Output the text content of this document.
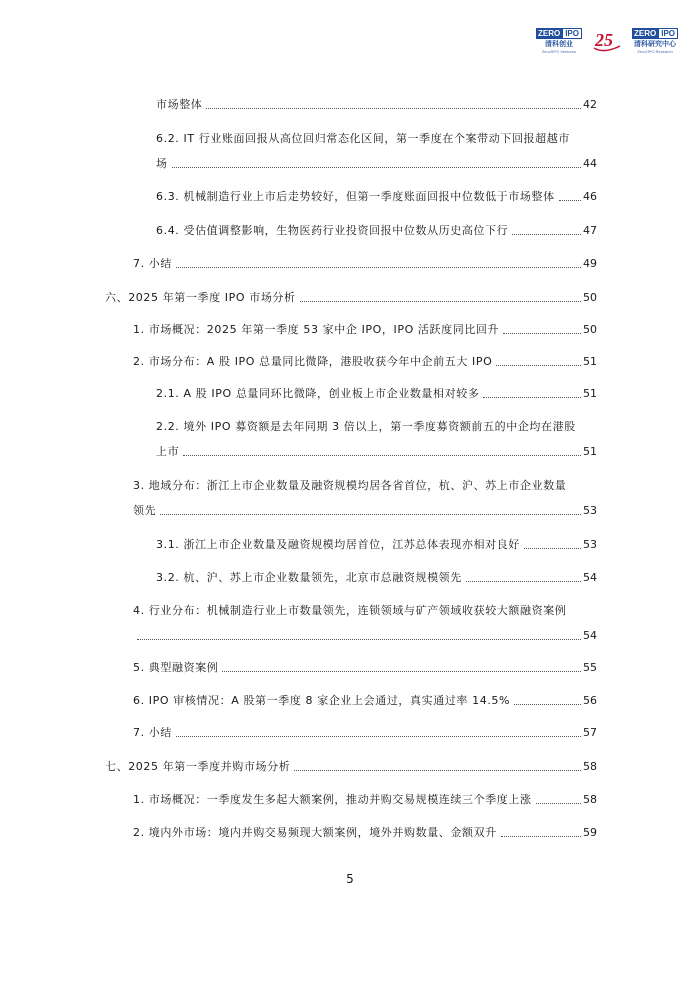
ZERO IPO
清科创业
Zero2IPO Ventures
25	ZERO IPO
清科研究中心
Zero2IPO Research
市场整体	42
6.2. IT 行业账面回报从高位回归常态化区间，第一季度在个案带动下回报超越市
场	44
6.3. 机械制造行业上市后走势较好，但第一季度账面回报中位数低于市场整体	46
6.4. 受估值调整影响，生物医药行业投资回报中位数从历史高位下行	47
7. 小结	49
六、2025 年第一季度 IPO 市场分析	50
1. 市场概况：2025 年第一季度 53 家中企 IPO，IPO 活跃度同比回升	50
2. 市场分布：A 股 IPO 总量同比微降，港股收获今年中企前五大 IPO	51
2.1. A 股 IPO 总量同环比微降，创业板上市企业数量相对较多	51
2.2. 境外 IPO 募资额是去年同期 3 倍以上，第一季度募资额前五的中企均在港股
上市	51
3. 地域分布：浙江上市企业数量及融资规模均居各省首位，杭、沪、苏上市企业数量
领先	53
3.1. 浙江上市企业数量及融资规模均居首位，江苏总体表现亦相对良好	53
3.2. 杭、沪、苏上市企业数量领先，北京市总融资规模领先	54
4. 行业分布：机械制造行业上市数量领先，连锁领域与矿产领域收获较大额融资案例
54
5. 典型融资案例	55
6. IPO 审核情况：A 股第一季度 8 家企业上会通过，真实通过率 14.5%	56
7. 小结	57
七、2025 年第一季度并购市场分析	58
1. 市场概况：一季度发生多起大额案例，推动并购交易规模连续三个季度上涨	58
2. 境内外市场：境内并购交易频现大额案例，境外并购数量、金额双升	59
5
